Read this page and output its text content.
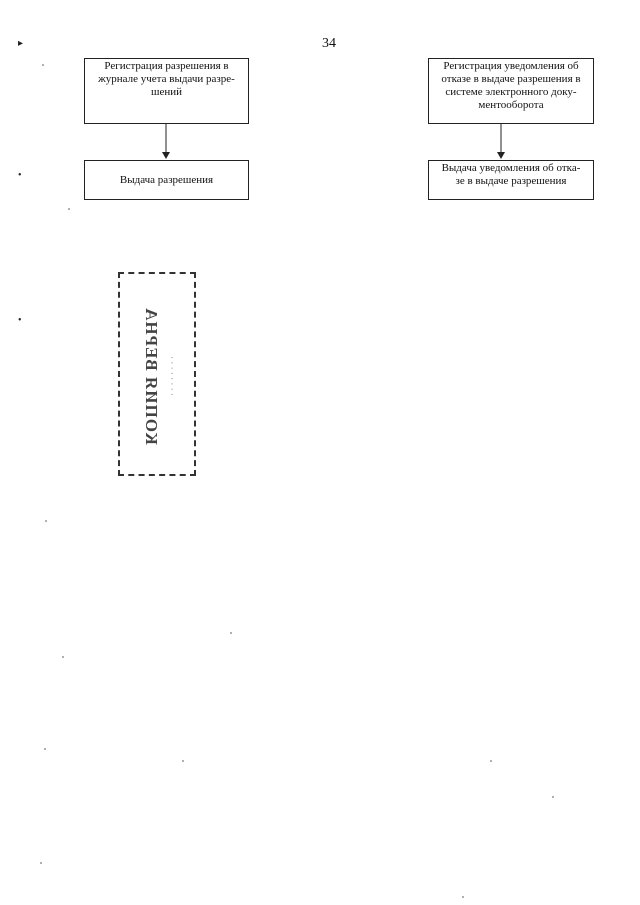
34
Регистрация разрешения в
журнале учета выдачи разре-
шений
Выдача разрешения
Регистрация уведомления об
отказе в выдаче разрешения в
системе электронного доку-
ментооборота
Выдача уведомления об отка-
зе в выдаче разрешения
▸
•
•	КОПИЯ ВЕРНА · · · · · · · ·
